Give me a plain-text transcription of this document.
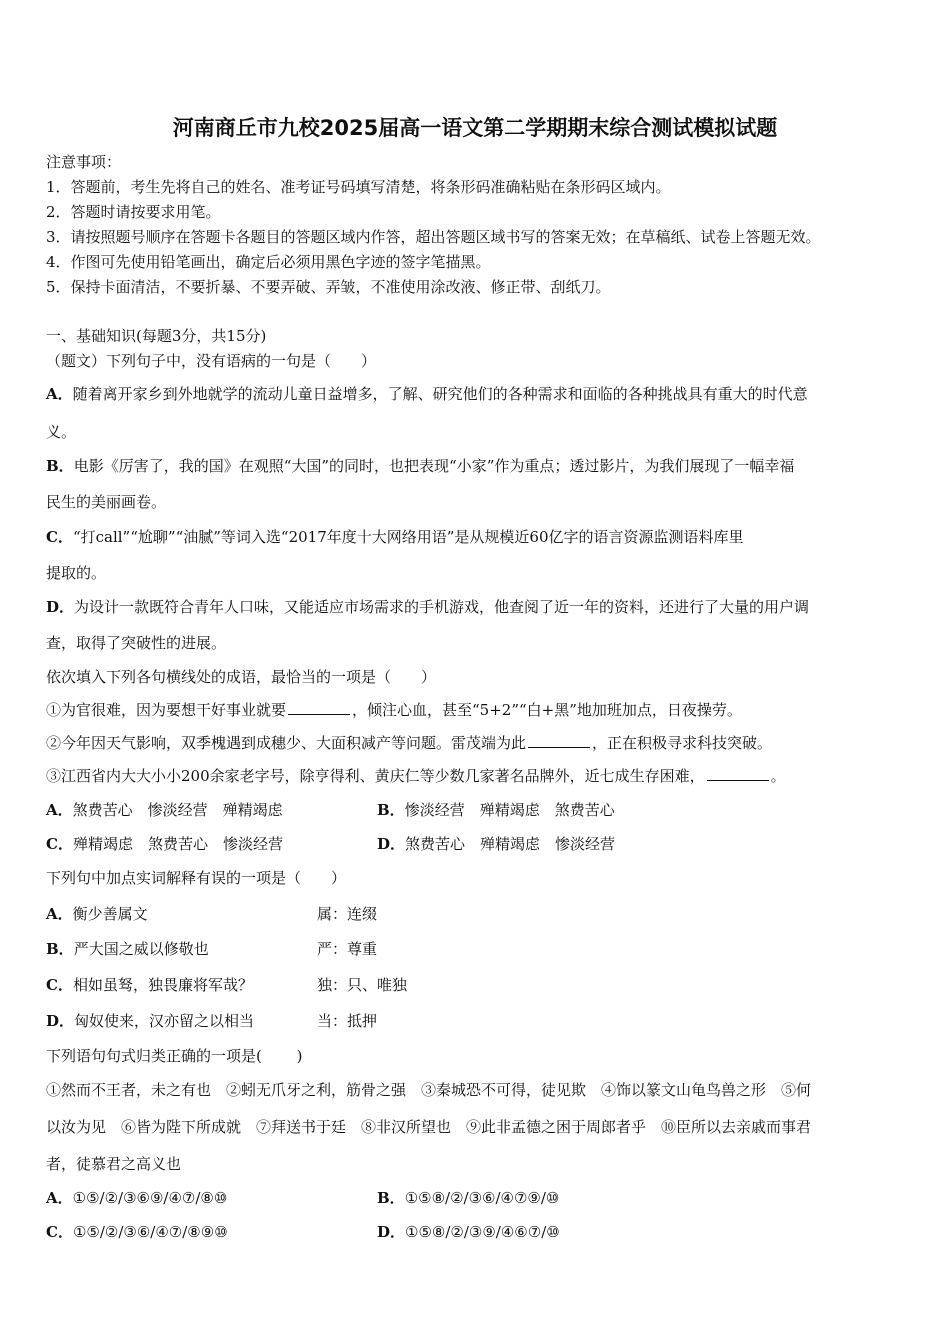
河南商丘市九校2025届高一语文第二学期期末综合测试模拟试题
注意事项：
1．答题前，考生先将自己的姓名、准考证号码填写清楚，将条形码准确粘贴在条形码区域内。
2．答题时请按要求用笔。
3．请按照题号顺序在答题卡各题目的答题区域内作答，超出答题区域书写的答案无效；在草稿纸、试卷上答题无效。
4．作图可先使用铅笔画出，确定后必须用黑色字迹的签字笔描黑。
5．保持卡面清洁，不要折暴、不要弄破、弄皱，不准使用涂改液、修正带、刮纸刀。
一、基础知识(每题3分，共15分)
（题文）下列句子中，没有语病的一句是（　　）
A．随着离开家乡到外地就学的流动儿童日益增多，了解、研究他们的各种需求和面临的各种挑战具有重大的时代意
义。
B．电影《厉害了，我的国》在观照“大国”的同时，也把表现“小家”作为重点；透过影片，为我们展现了一幅幸福
民生的美丽画卷。
C．“打call”“尬聊”“油腻”等词入选“2017年度十大网络用语”是从规模近60亿字的语言资源监测语料库里
提取的。
D．为设计一款既符合青年人口味，又能适应市场需求的手机游戏，他查阅了近一年的资料，还进行了大量的用户调
查，取得了突破性的进展。
依次填入下列各句横线处的成语，最恰当的一项是（　　）
①为官很难，因为要想干好事业就要	，倾注心血，甚至“5+2”“白+黑”地加班加点，日夜操劳。
②今年因天气影响，双季槐遇到成穗少、大面积减产等问题。雷茂端为此	，正在积极寻求科技突破。
③江西省内大大小小200余家老字号，除亨得利、黄庆仁等少数几家著名品牌外，近七成生存困难，	。
A．煞费苦心　惨淡经营　殚精竭虑	B．惨淡经营　殚精竭虑　煞费苦心
C．殚精竭虑　煞费苦心　惨淡经营	D．煞费苦心　殚精竭虑　惨淡经营
下列句中加点实词解释有误的一项是（　　）
A．衡少善属文	属：连缀
B．严大国之威以修敬也	严：尊重
C．相如虽驽，独畏廉将军哉？	独：只、唯独
D．匈奴使来，汉亦留之以相当	当：抵押
下列语句句式归类正确的一项是(　　 )
①然而不王者，未之有也　②蚓无爪牙之利，筋骨之强　③秦城恐不可得，徒见欺　④饰以篆文山龟鸟兽之形　⑤何
以汝为见　⑥皆为陛下所成就　⑦拜送书于廷　⑧非汉所望也　⑨此非孟德之困于周郎者乎　⑩臣所以去亲戚而事君
者，徒慕君之高义也
A．①⑤/②/③⑥⑨/④⑦/⑧⑩	B．①⑤⑧/②/③⑥/④⑦⑨/⑩
C．①⑤/②/③⑥/④⑦/⑧⑨⑩	D．①⑤⑧/②/③⑨/④⑥⑦/⑩
